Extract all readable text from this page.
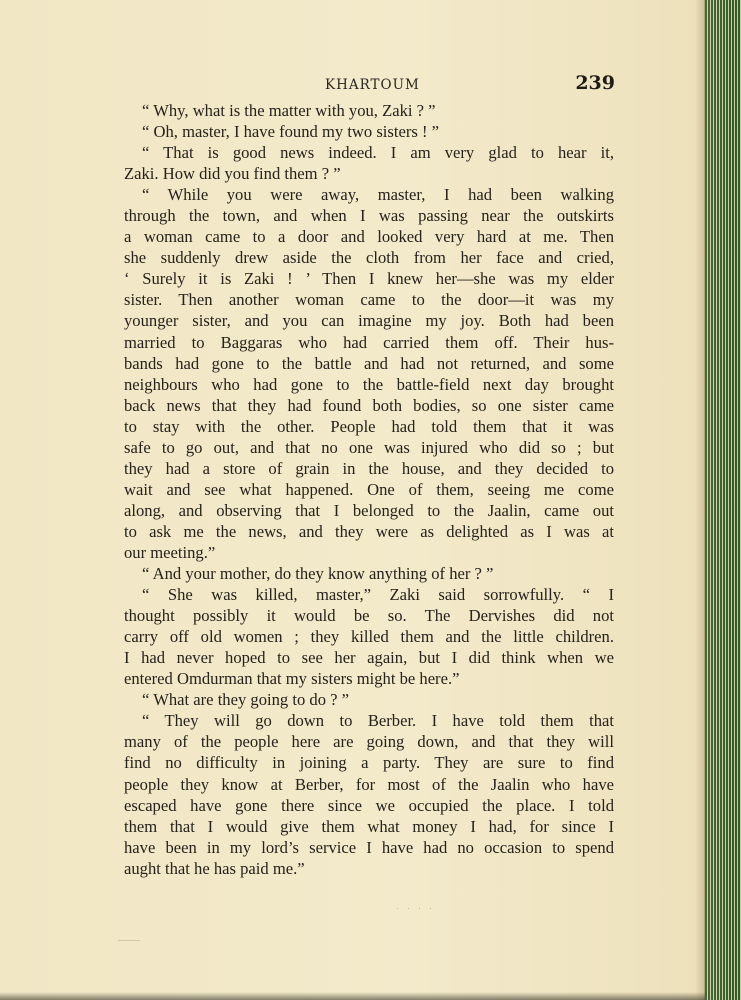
KHARTOUM	239
“ Why, what is the matter with you, Zaki ? ”
“ Oh, master, I have found my two sisters ! ”
“ That is good news indeed. I am very glad to hear it,
Zaki. How did you find them ? ”
“ While you were away, master, I had been walking
through the town, and when I was passing near the outskirts
a woman came to a door and looked very hard at me. Then
she suddenly drew aside the cloth from her face and cried,
‘ Surely it is Zaki ! ’ Then I knew her—she was my elder
sister. Then another woman came to the door—it was my
younger sister, and you can imagine my joy. Both had been
married to Baggaras who had carried them off. Their hus-
bands had gone to the battle and had not returned, and some
neighbours who had gone to the battle-field next day brought
back news that they had found both bodies, so one sister came
to stay with the other. People had told them that it was
safe to go out, and that no one was injured who did so ; but
they had a store of grain in the house, and they decided to
wait and see what happened. One of them, seeing me come
along, and observing that I belonged to the Jaalin, came out
to ask me the news, and they were as delighted as I was at
our meeting.”
“ And your mother, do they know anything of her ? ”
“ She was killed, master,” Zaki said sorrowfully. “ I
thought possibly it would be so. The Dervishes did not
carry off old women ; they killed them and the little children.
I had never hoped to see her again, but I did think when we
entered Omdurman that my sisters might be here.”
“ What are they going to do ? ”
“ They will go down to Berber. I have told them that
many of the people here are going down, and that they will
find no difficulty in joining a party. They are sure to find
people they know at Berber, for most of the Jaalin who have
escaped have gone there since we occupied the place. I told
them that I would give them what money I had, for since I
have been in my lord’s service I have had no occasion to spend
aught that he has paid me.”
. . . .
